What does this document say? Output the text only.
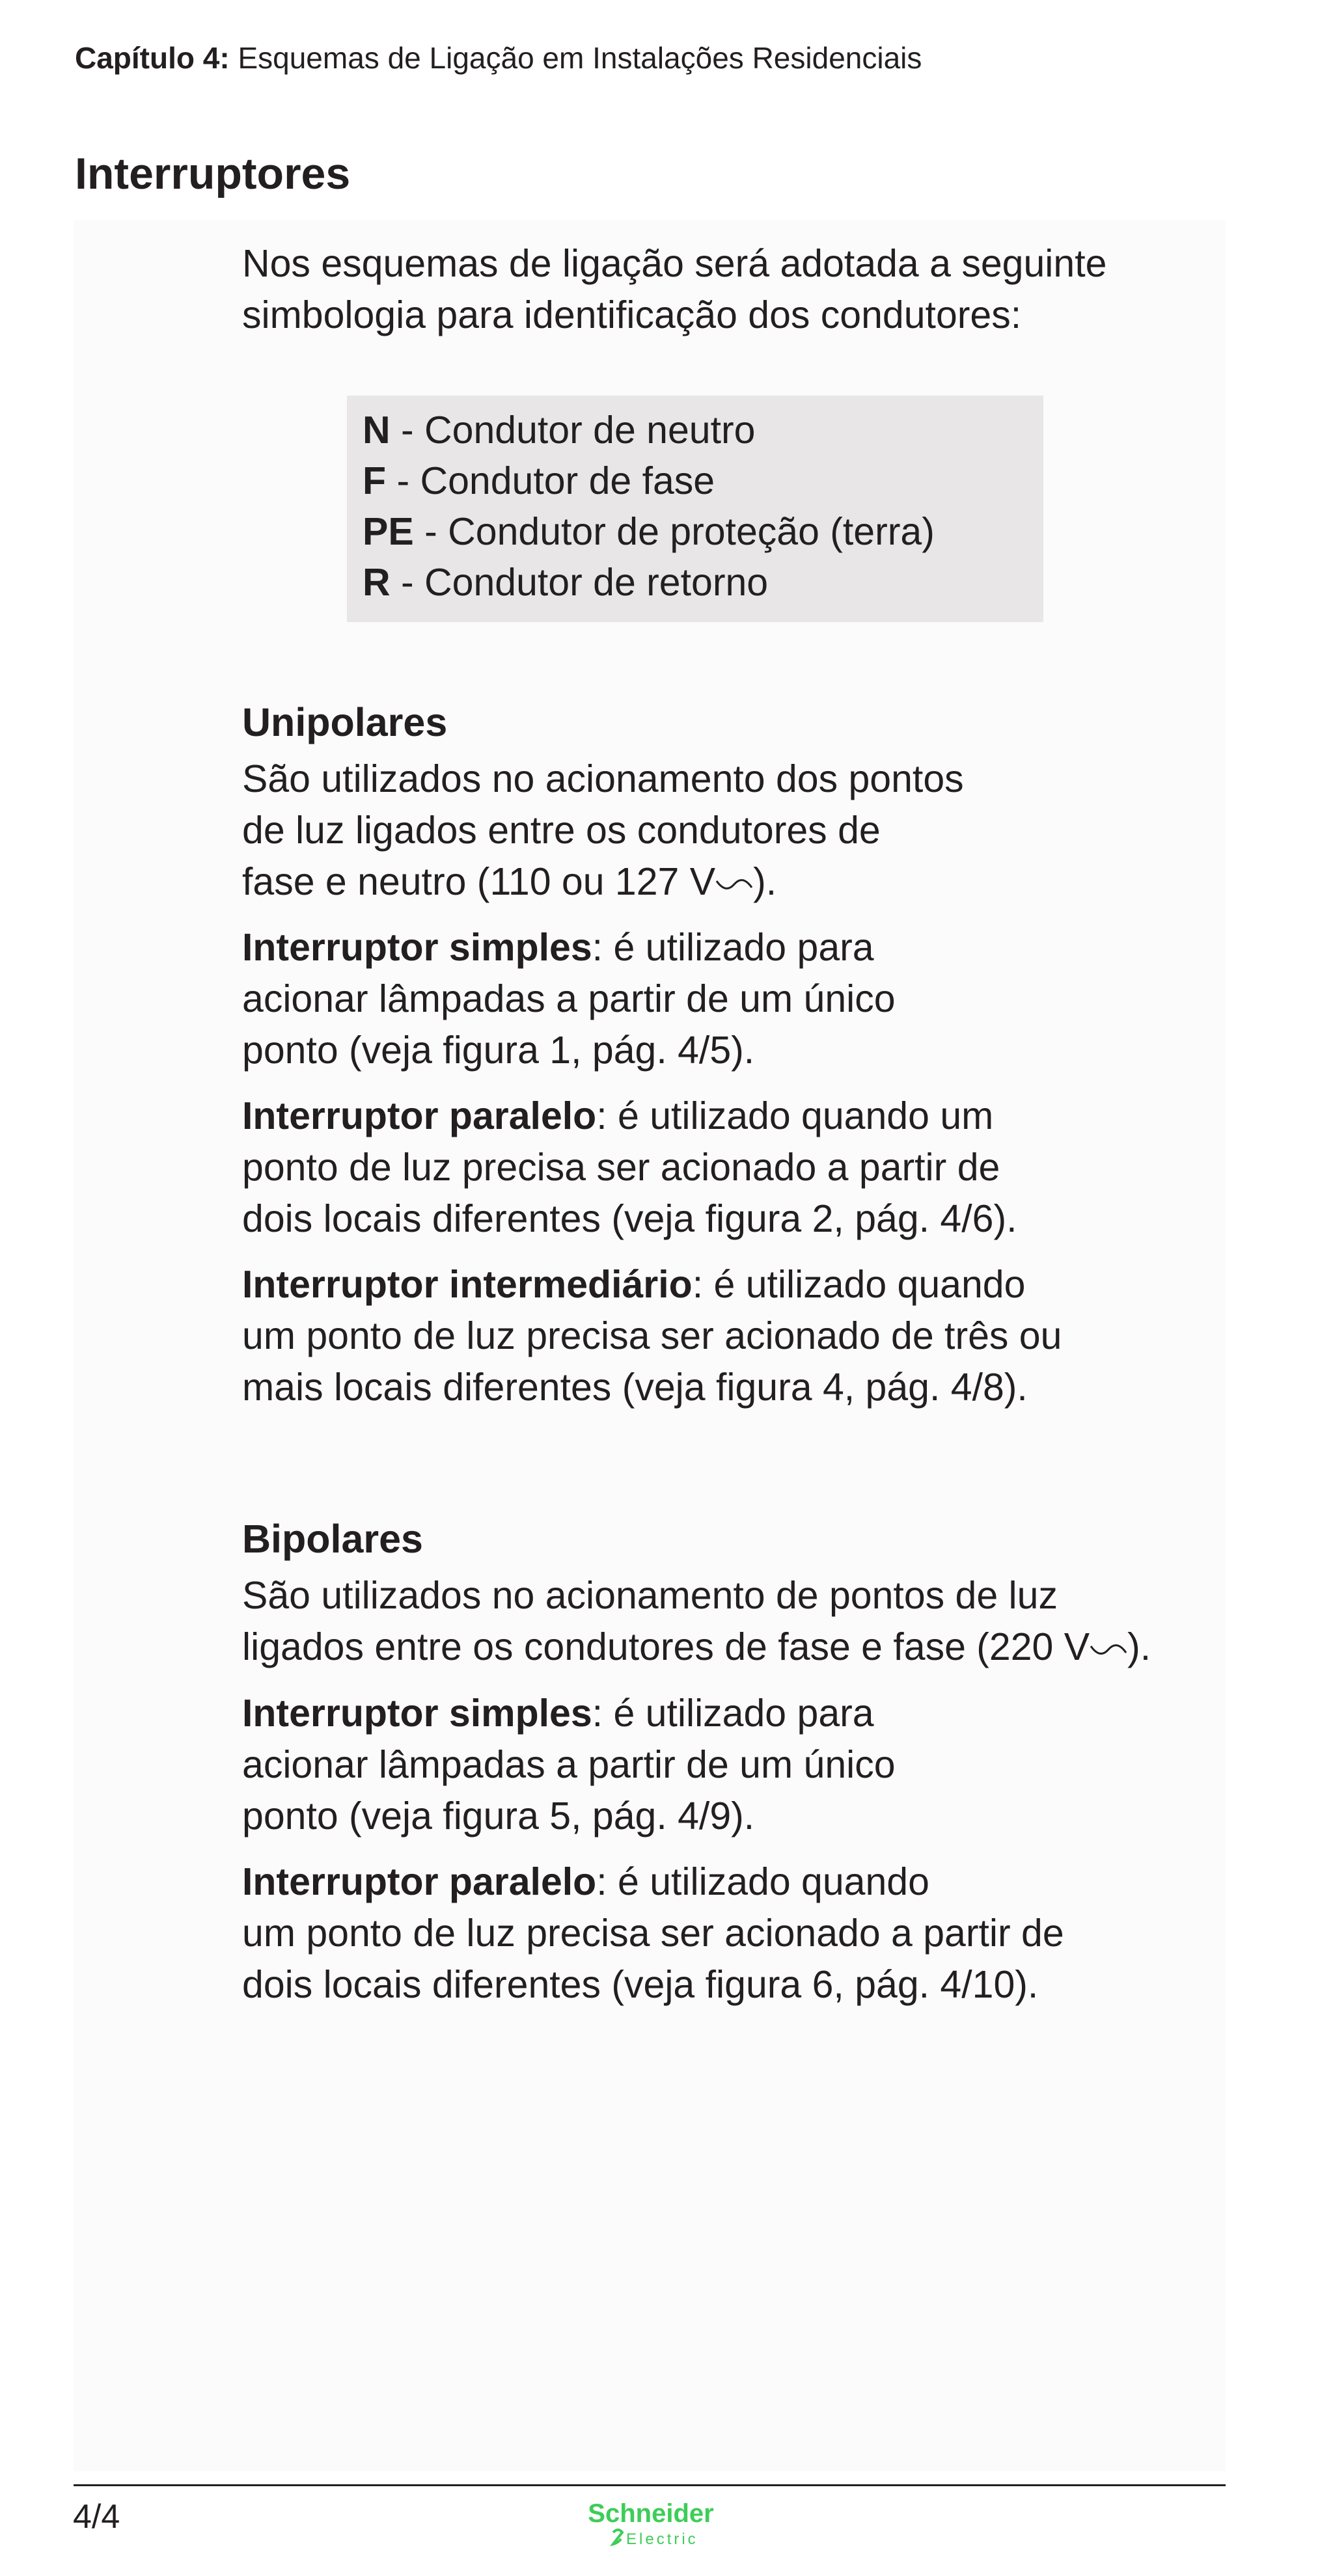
Capítulo 4: Esquemas de Ligação em Instalações Residenciais
Interruptores
Nos esquemas de ligação será adotada a seguinte
simbologia para identificação dos condutores:
N - Condutor de neutro
F - Condutor de fase
PE - Condutor de proteção (terra)
R - Condutor de retorno
Unipolares
São utilizados no acionamento dos pontos
de luz ligados entre os condutores de
fase e neutro (110 ou 127 V ).
Interruptor simples: é utilizado para
acionar lâmpadas a partir de um único
ponto (veja figura 1, pág. 4/5).
Interruptor paralelo: é utilizado quando um
ponto de luz precisa ser acionado a partir de
dois locais diferentes (veja figura 2, pág. 4/6).
Interruptor intermediário: é utilizado quando
um ponto de luz precisa ser acionado de três ou
mais locais diferentes (veja figura 4, pág. 4/8).
Bipolares
São utilizados no acionamento de pontos de luz
ligados entre os condutores de fase e fase (220 V ).
Interruptor simples: é utilizado para
acionar lâmpadas a partir de um único
ponto (veja figura 5, pág. 4/9).
Interruptor paralelo: é utilizado quando
um ponto de luz precisa ser acionado a partir de
dois locais diferentes (veja figura 6, pág. 4/10).
4/4	Schneider
Electric
